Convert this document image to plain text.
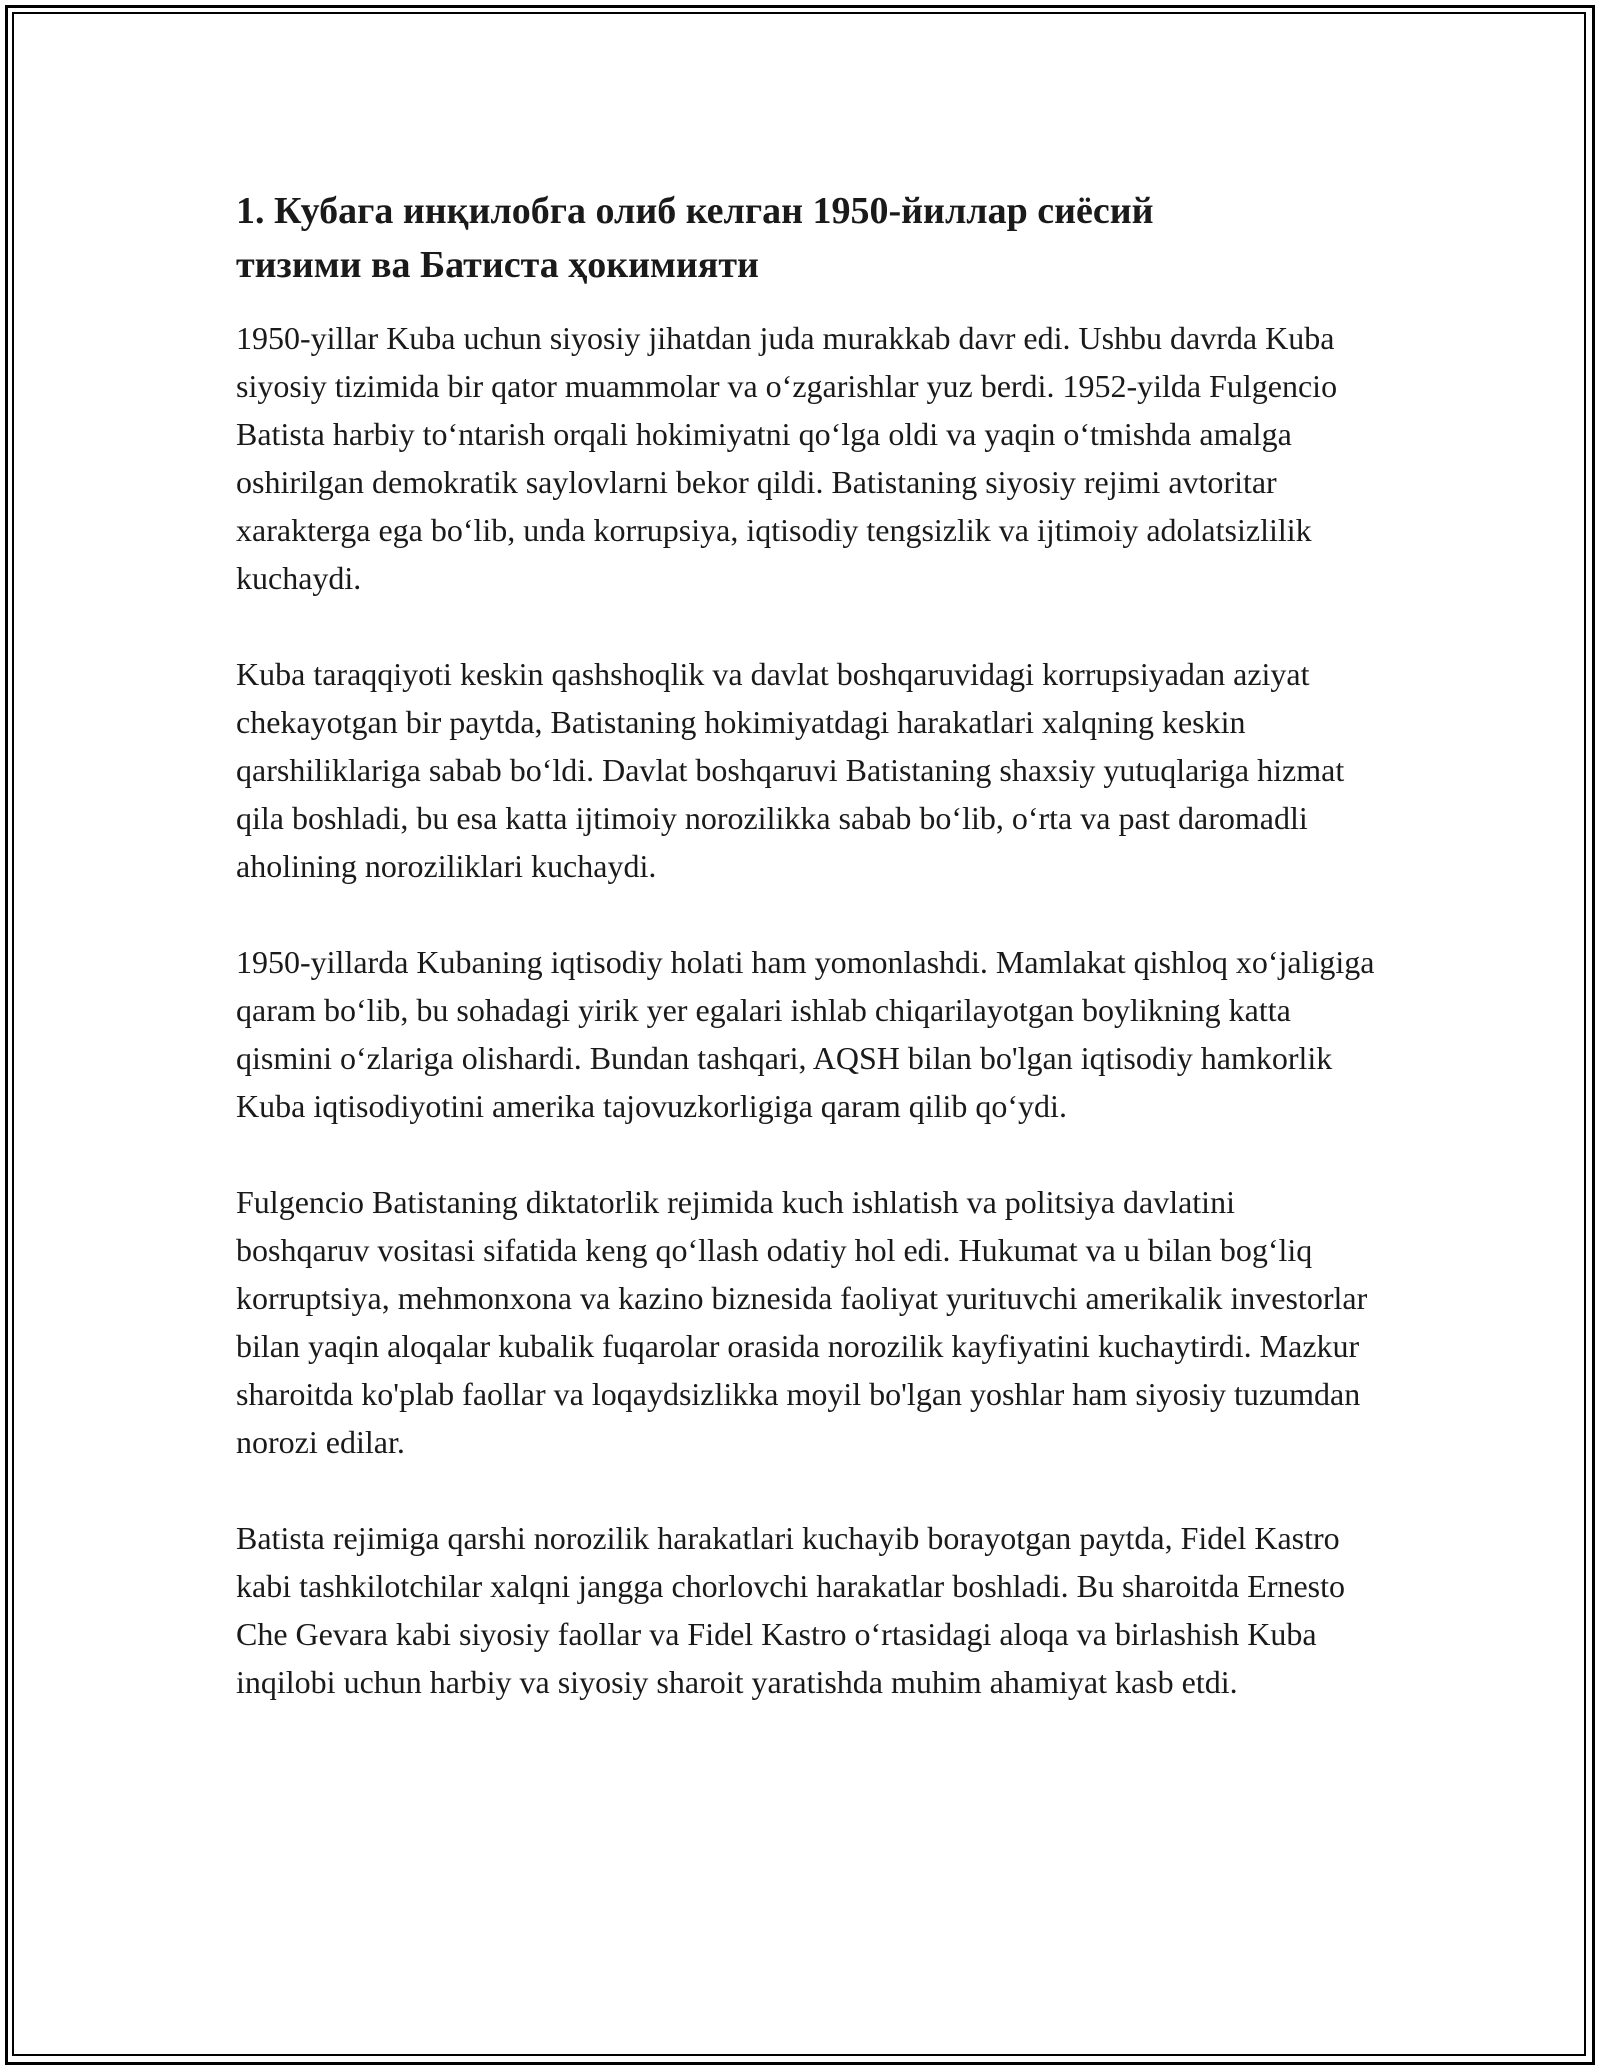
1. Кубага инқилобга олиб келган 1950-йиллар сиёсий тизими ва Батиста ҳокимияти

1950-yillar Kuba uchun siyosiy jihatdan juda murakkab davr edi. Ushbu davrda Kuba siyosiy tizimida bir qator muammolar va o‘zgarishlar yuz berdi. 1952-yilda Fulgencio Batista harbiy to‘ntarish orqali hokimiyatni qo‘lga oldi va yaqin o‘tmishda amalga oshirilgan demokratik saylovlarni bekor qildi. Batistaning siyosiy rejimi avtoritar xarakterga ega bo‘lib, unda korrupsiya, iqtisodiy tengsizlik va ijtimoiy adolatsizlilik kuchaydi.

Kuba taraqqiyoti keskin qashshoqlik va davlat boshqaruvidagi korrupsiyadan aziyat chekayotgan bir paytda, Batistaning hokimiyatdagi harakatlari xalqning keskin qarshiliklariga sabab bo‘ldi. Davlat boshqaruvi Batistaning shaxsiy yutuqlariga hizmat qila boshladi, bu esa katta ijtimoiy norozilikka sabab bo‘lib, o‘rta va past daromadli aholining noroziliklari kuchaydi.

1950-yillarda Kubaning iqtisodiy holati ham yomonlashdi. Mamlakat qishloq xo‘jaligiga qaram bo‘lib, bu sohadagi yirik yer egalari ishlab chiqarilayotgan boylikning katta qismini o‘zlariga olishardi. Bundan tashqari, AQSH bilan bo'lgan iqtisodiy hamkorlik Kuba iqtisodiyotini amerika tajovuzkorligiga qaram qilib qo‘ydi.

Fulgencio Batistaning diktatorlik rejimida kuch ishlatish va politsiya davlatini boshqaruv vositasi sifatida keng qo‘llash odatiy hol edi. Hukumat va u bilan bog‘liq korruptsiya, mehmonxona va kazino biznesida faoliyat yurituvchi amerikalik investorlar bilan yaqin aloqalar kubalik fuqarolar orasida norozilik kayfiyatini kuchaytirdi. Mazkur sharoitda ko'plab faollar va loqaydsizlikka moyil bo'lgan yoshlar ham siyosiy tuzumdan norozi edilar.

Batista rejimiga qarshi norozilik harakatlari kuchayib borayotgan paytda, Fidel Kastro kabi tashkilotchilar xalqni jangga chorlovchi harakatlar boshladi. Bu sharoitda Ernesto Che Gevara kabi siyosiy faollar va Fidel Kastro o‘rtasidagi aloqa va birlashish Kuba inqilobi uchun harbiy va siyosiy sharoit yaratishda muhim ahamiyat kasb etdi.
